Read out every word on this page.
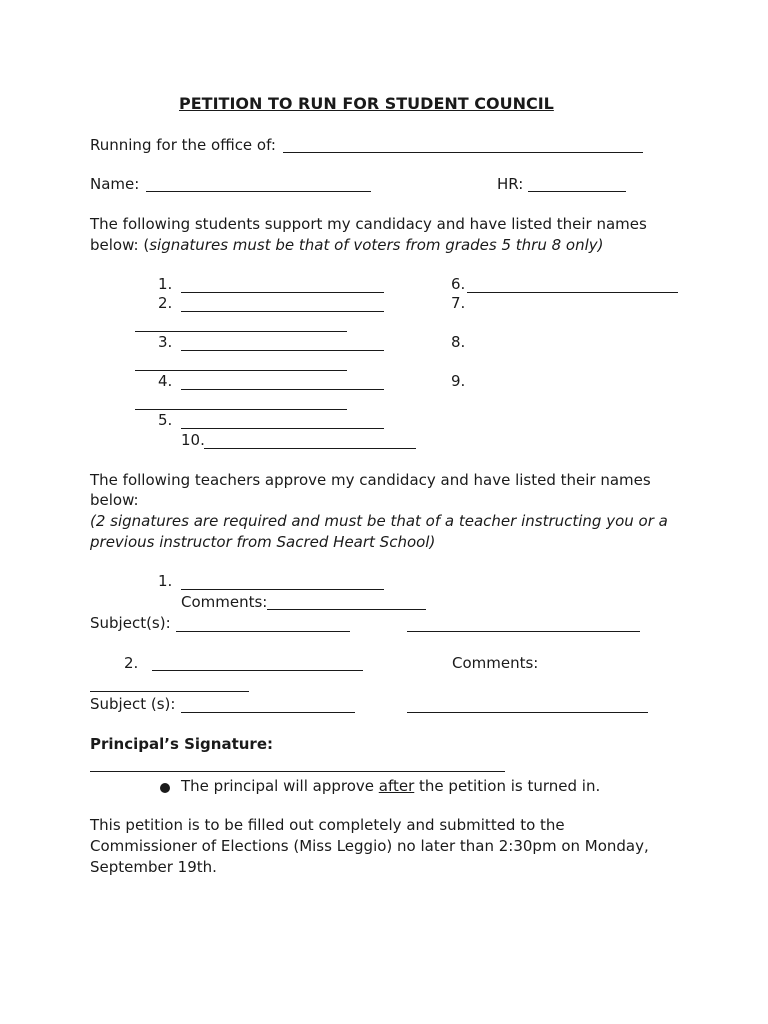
PETITION TO RUN FOR STUDENT COUNCIL
Running for the office of:
Name:	HR:
The following students support my candidacy and have listed their names
below: (signatures must be that of voters from grades 5 thru 8 only)
1.
2.
3.
4.
5.
10.
6.
7.
8.
9.
The following teachers approve my candidacy and have listed their names
below:
(2 signatures are required and must be that of a teacher instructing you or a
previous instructor from Sacred Heart School)
1.
Comments:
Subject(s):
2.	Comments:
Subject (s):
Principal’s Signature:
The principal will approve after the petition is turned in.
This petition is to be filled out completely and submitted to the
Commissioner of Elections (Miss Leggio) no later than 2:30pm on Monday,
September 19th.
